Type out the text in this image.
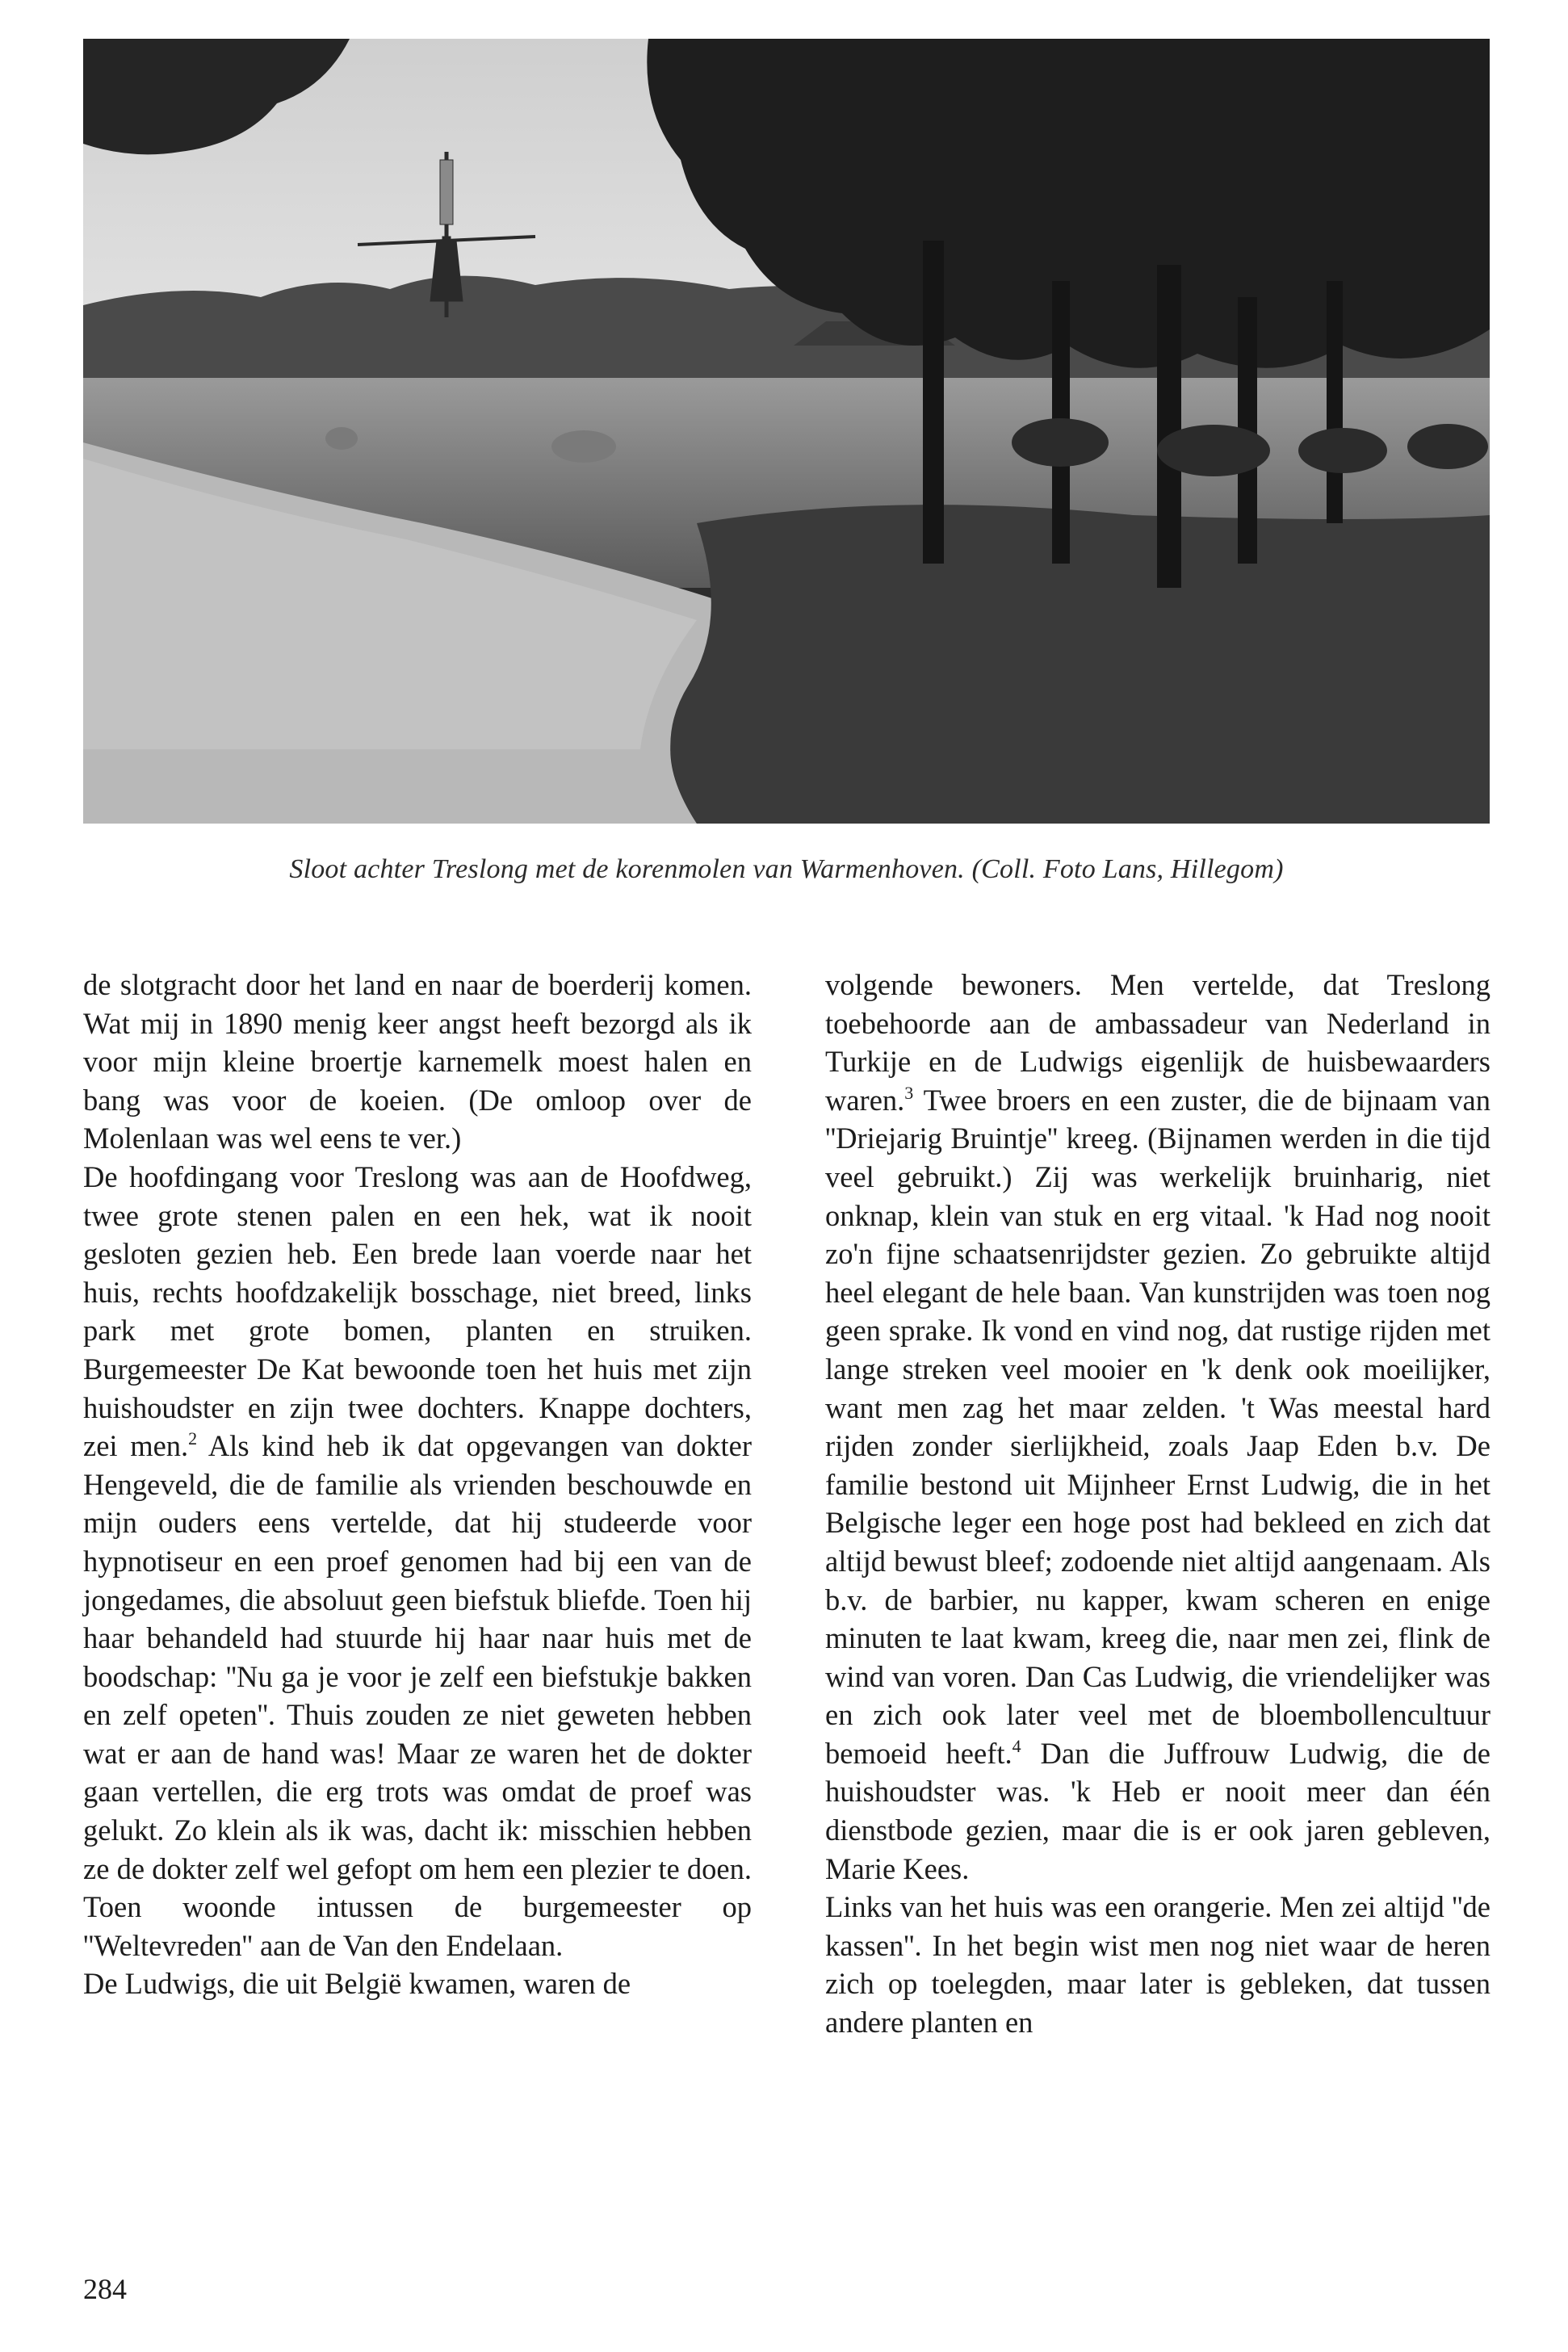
Sloot achter Treslong met de korenmolen van Warmenhoven. (Coll. Foto Lans, Hillegom)

de slotgracht door het land en naar de boerderij komen. Wat mij in 1890 menig keer angst heeft bezorgd als ik voor mijn kleine broertje karnemelk moest halen en bang was voor de koeien. (De omloop over de Molenlaan was wel eens te ver.)

De hoofdingang voor Treslong was aan de Hoofdweg, twee grote stenen palen en een hek, wat ik nooit gesloten gezien heb. Een brede laan voerde naar het huis, rechts hoofdzakelijk bosschage, niet breed, links park met grote bomen, planten en struiken. Burgemeester De Kat bewoonde toen het huis met zijn huishoudster en zijn twee dochters. Knappe dochters, zei men.$^2$ Als kind heb ik dat opgevangen van dokter Hengeveld, die de familie als vrienden beschouwde en mijn ouders eens vertelde, dat hij studeerde voor hypnotiseur en een proef genomen had bij een van de jongedames, die absoluut geen biefstuk bliefde. Toen hij haar behandeld had stuurde hij haar naar huis met de boodschap: ''Nu ga je voor je zelf een biefstukje bakken en zelf opeten''. Thuis zouden ze niet geweten hebben wat er aan de hand was! Maar ze waren het de dokter gaan vertellen, die erg trots was omdat de proef was gelukt. Zo klein als ik was, dacht ik: misschien hebben ze de dokter zelf wel gefopt om hem een plezier te doen. Toen woonde intussen de burgemeester op ''Weltevreden'' aan de Van den Endelaan.

De Ludwigs, die uit België kwamen, waren de

volgende bewoners. Men vertelde, dat Treslong toebehoorde aan de ambassadeur van Nederland in Turkije en de Ludwigs eigenlijk de huisbewaarders waren.$^3$ Twee broers en een zuster, die de bijnaam van ''Driejarig Bruintje'' kreeg. (Bijnamen werden in die tijd veel gebruikt.) Zij was werkelijk bruinharig, niet onknap, klein van stuk en erg vitaal. 'k Had nog nooit zo'n fijne schaatsenrijdster gezien. Zo gebruikte altijd heel elegant de hele baan. Van kunstrijden was toen nog geen sprake. Ik vond en vind nog, dat rustige rijden met lange streken veel mooier en 'k denk ook moeilijker, want men zag het maar zelden. 't Was meestal hard rijden zonder sierlijkheid, zoals Jaap Eden b.v. De familie bestond uit Mijnheer Ernst Ludwig, die in het Belgische leger een hoge post had bekleed en zich dat altijd bewust bleef; zodoende niet altijd aangenaam. Als b.v. de barbier, nu kapper, kwam scheren en enige minuten te laat kwam, kreeg die, naar men zei, flink de wind van voren. Dan Cas Ludwig, die vriendelijker was en zich ook later veel met de bloembollencultuur bemoeid heeft.$^4$ Dan die Juffrouw Ludwig, die de huishoudster was. 'k Heb er nooit meer dan één dienstbode gezien, maar die is er ook jaren gebleven, Marie Kees.

Links van het huis was een orangerie. Men zei altijd ''de kassen''. In het begin wist men nog niet waar de heren zich op toelegden, maar later is gebleken, dat tussen andere planten en

284
